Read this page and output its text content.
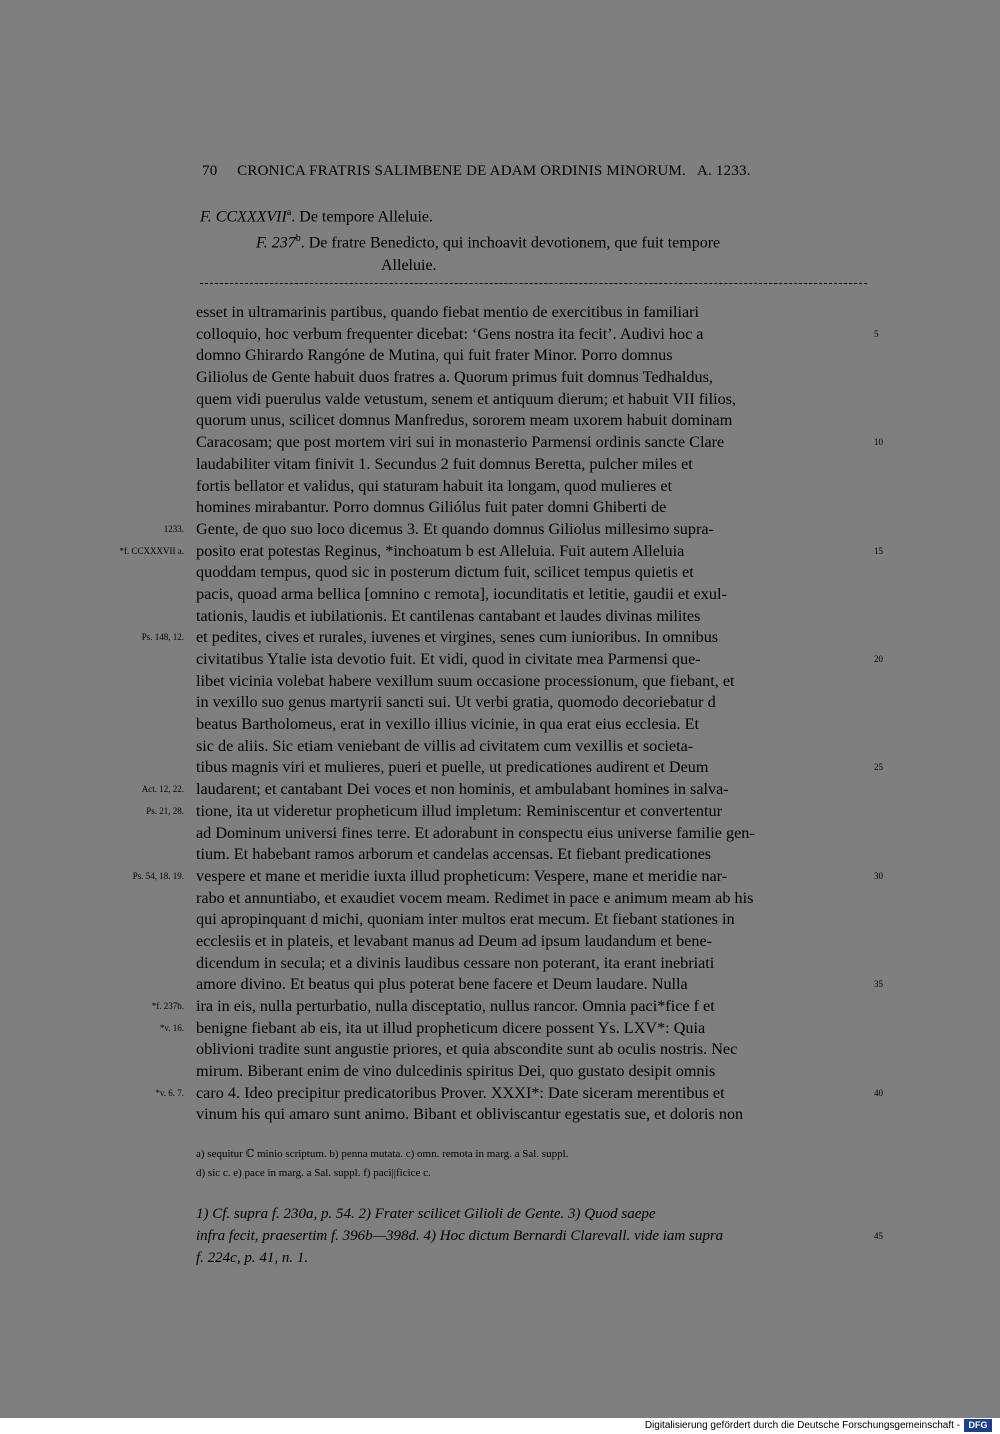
70 CRONICA FRATRIS SALIMBENE DE ADAM ORDINIS MINORUM. A. 1233.
F. CCXXXVII$^a$. De tempore Alleluie.
F. 237$^b$. De fratre Benedicto, qui inchoavit devotionem, que fuit tempore
Alleluie.
esset in ultramarinis partibus, quando fiebat mentio de exercitibus in familiari
colloquio, hoc verbum frequenter dicebat: ‘Gens nostra ita fecit’. Audivi hoc a	5
domno Ghirardo Rangóne de Mutina, qui fuit frater Minor. Porro domnus
Giliolus de Gente habuit duos fratres a. Quorum primus fuit domnus Tedhaldus,
quem vidi puerulus valde vetustum, senem et antiquum dierum; et habuit VII filios,
quorum unus, scilicet domnus Manfredus, sororem meam uxorem habuit dominam
Caracosam; que post mortem viri sui in monasterio Parmensi ordinis sancte Clare	10
laudabiliter vitam finivit 1. Secundus 2 fuit domnus Beretta, pulcher miles et
fortis bellator et validus, qui staturam habuit ita longam, quod mulieres et
homines mirabantur. Porro domnus Giliólus fuit pater domni Ghiberti de
1233. Gente, de quo suo loco dicemus 3. Et quando domnus Giliolus millesimo supra-
*f. CCXXXVII a. posito erat potestas Reginus, *inchoatum b est Alleluia. Fuit autem Alleluia	15
quoddam tempus, quod sic in posterum dictum fuit, scilicet tempus quietis et
pacis, quoad arma bellica [omnino c remota], iocunditatis et letitie, gaudii et exul-
tationis, laudis et iubilationis. Et cantilenas cantabant et laudes divinas milites
Ps. 148, 12. et pedites, cives et rurales, iuvenes et virgines, senes cum iunioribus. In omnibus
civitatibus Ytalie ista devotio fuit. Et vidi, quod in civitate mea Parmensi que-	20
libet vicinia volebat habere vexillum suum occasione processionum, que fiebant, et
in vexillo suo genus martyrii sancti sui. Ut verbi gratia, quomodo decoriebatur d
beatus Bartholomeus, erat in vexillo illius vicinie, in qua erat eius ecclesia. Et
sic de aliis. Sic etiam veniebant de villis ad civitatem cum vexillis et societa-
tibus magnis viri et mulieres, pueri et puelle, ut predicationes audirent et Deum	25
Act. 12, 22. laudarent; et cantabant Dei voces et non hominis, et ambulabant homines in salva-
Ps. 21, 28. tione, ita ut videretur propheticum illud impletum: Reminiscentur et convertentur
ad Dominum universi fines terre. Et adorabunt in conspectu eius universe familie gen-
tium. Et habebant ramos arborum et candelas accensas. Et fiebant predicationes
Ps. 54, 18. 19. vespere et mane et meridie iuxta illud propheticum: Vespere, mane et meridie nar-	30
rabo et annuntiabo, et exaudiet vocem meam. Redimet in pace e animum meam ab his
qui apropinquant d michi, quoniam inter multos erat mecum. Et fiebant stationes in
ecclesiis et in plateis, et levabant manus ad Deum ad ipsum laudandum et bene-
dicendum in secula; et a divinis laudibus cessare non poterant, ita erant inebriati
amore divino. Et beatus qui plus poterat bene facere et Deum laudare. Nulla	35
*f. 237b. ira in eis, nulla perturbatio, nulla disceptatio, nullus rancor. Omnia paci*fice f et
*v. 16. benigne fiebant ab eis, ita ut illud propheticum dicere possent Ys. LXV*: Quia
oblivioni tradite sunt angustie priores, et quia abscondite sunt ab oculis nostris. Nec
mirum. Biberant enim de vino dulcedinis spiritus Dei, quo gustato desipit omnis
*v. 6. 7. caro 4. Ideo precipitur predicatoribus Prover. XXXI*: Date siceram merentibus et	40
vinum his qui amaro sunt animo. Bibant et obliviscantur egestatis sue, et doloris non
a) sequitur ℂ minio scriptum. b) penna mutata. c) omn. remota in marg. a Sal. suppl.
d) sic c. e) pace in marg. a Sal. suppl. f) paci||ficice c.
1) Cf. supra f. 230a, p. 54. 2) Frater scilicet Gilioli de Gente. 3) Quod saepe
infra fecit, praesertim f. 396b—398d. 4) Hoc dictum Bernardi Clarevall. vide iam supra	45
f. 224c, p. 41, n. 1.
Digitalisierung gefördert durch die Deutsche Forschungsgemeinschaft - DFG
